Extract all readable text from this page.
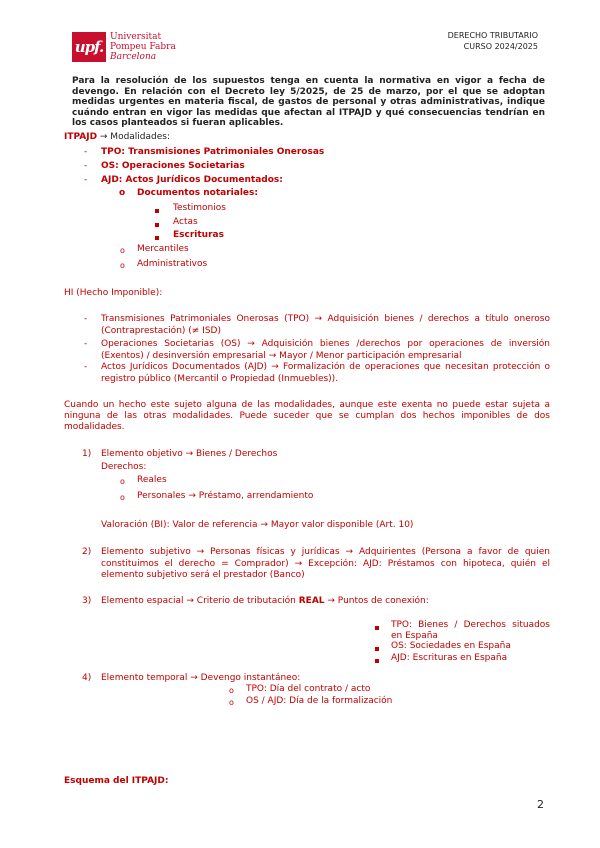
upf.
Universitat
Pompeu Fabra
Barcelona
DERECHO TRIBUTARIO
CURSO 2024/2025
Para la resolución de los supuestos tenga en cuenta la normativa en vigor a fecha de devengo. En relación con el Decreto ley 5/2025, de 25 de marzo, por el que se adoptan medidas urgentes en materia fiscal, de gastos de personal y otras administrativas, indique cuándo entran en vigor las medidas que afectan al ITPAJD y qué consecuencias tendrían en los casos planteados si fueran aplicables.
ITPAJD → Modalidades:
- TPO: Transmisiones Patrimoniales Onerosas
- OS: Operaciones Societarias
- AJD: Actos Jurídicos Documentados:
o Documentos notariales:
Testimonios
Actas
Escrituras
o Mercantiles
o Administrativos
HI (Hecho Imponible):
- Transmisiones Patrimoniales Onerosas (TPO) → Adquisición bienes / derechos a título oneroso (Contraprestación) (≠ ISD)
- Operaciones Societarias (OS) → Adquisición bienes /derechos por operaciones de inversión (Exentos) / desinversión empresarial → Mayor / Menor participación empresarial
- Actos Jurídicos Documentados (AJD) → Formalización de operaciones que necesitan protección o registro público (Mercantil o Propiedad (Inmuebles)).
Cuando un hecho este sujeto alguna de las modalidades, aunque este exenta no puede estar sujeta a ninguna de las otras modalidades. Puede suceder que se cumplan dos hechos imponibles de dos modalidades.
1) Elemento objetivo → Bienes / Derechos
Derechos:
o Reales
o Personales → Préstamo, arrendamiento
Valoración (BI): Valor de referencia → Mayor valor disponible (Art. 10)
2) Elemento subjetivo → Personas físicas y jurídicas → Adquirientes (Persona a favor de quien constituimos el derecho = Comprador) → Excepción: AJD: Préstamos con hipoteca, quién el elemento subjetivo será el prestador (Banco)
3) Elemento espacial → Criterio de tributación REAL → Puntos de conexión:
TPO: Bienes / Derechos situados en España
OS: Sociedades en España
AJD: Escrituras en España
4) Elemento temporal → Devengo instantáneo:
o TPO: Día del contrato / acto
o OS / AJD: Día de la formalización
Esquema del ITPAJD:
2
